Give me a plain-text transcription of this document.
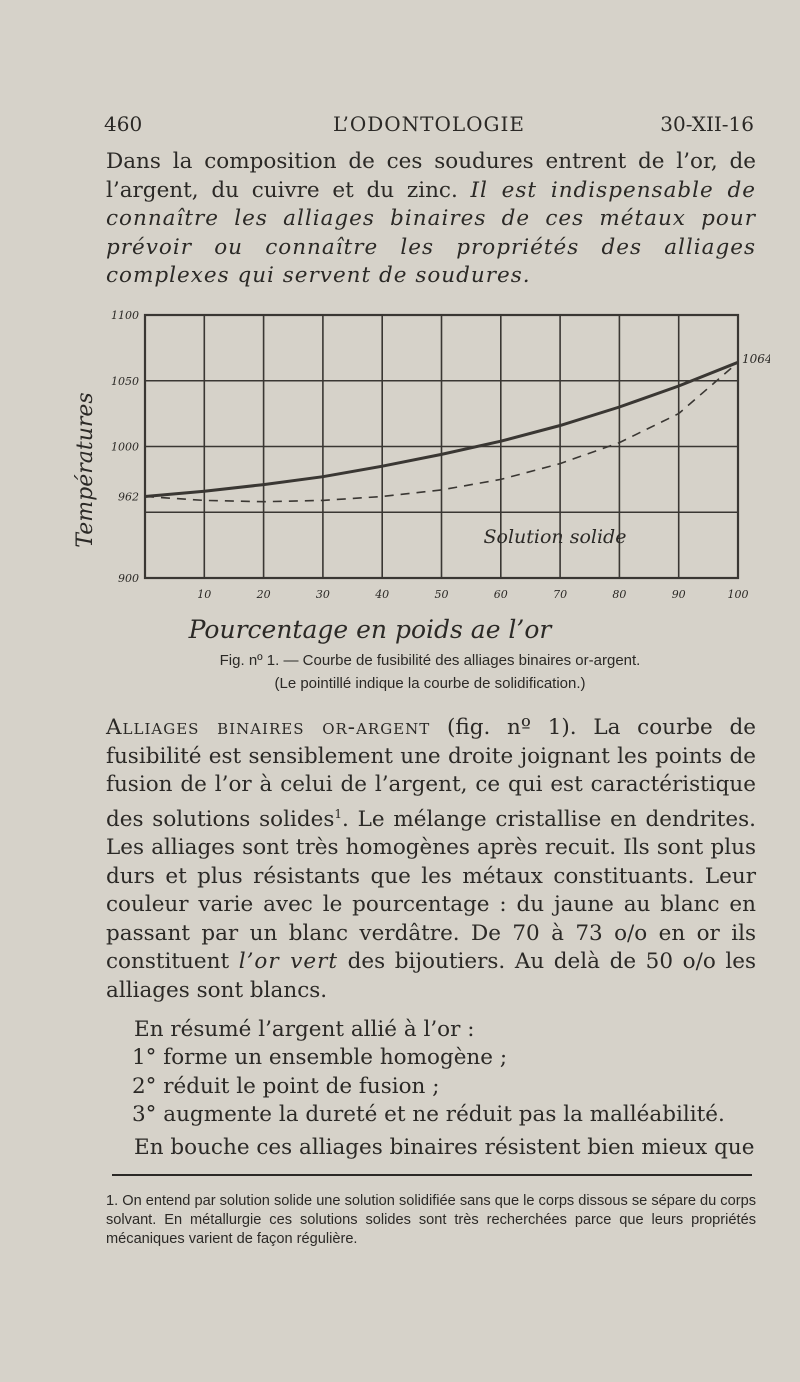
460	L’ODONTOLOGIE	30-XII-16

Dans la composition de ces soudures entrent de l’or, de l’argent, du cuivre et du zinc. Il est indispensable de connaître les alliages binaires de ces métaux pour prévoir ou connaître les propriétés des alliages complexes qui servent de soudures.

10	20	30	40	50	60	70	80	90	100
1100
1050
1000
962
900
Températures
Pourcentage en poids ae l’or
1064
Solution solide

Fig. nº 1. — Courbe de fusibilité des alliages binaires or-argent.

(Le pointillé indique la courbe de solidification.)

Alliages binaires or-argent (fig. nº 1). La courbe de fusibilité est sensiblement une droite joignant les points de fusion de l’or à celui de l’argent, ce qui est caractéristique des solutions solides$^1$. Le mélange cristallise en dendrites. Les alliages sont très homogènes après recuit. Ils sont plus durs et plus résistants que les métaux constituants. Leur couleur varie avec le pourcentage : du jaune au blanc en passant par un blanc verdâtre. De 70 à 73 o/o en or ils constituent l’or vert des bijoutiers. Au delà de 50 o/o les alliages sont blancs.

En résumé l’argent allié à l’or :

1° forme un ensemble homogène ;
2° réduit le point de fusion ;
3° augmente la dureté et ne réduit pas la malléabilité.

En bouche ces alliages binaires résistent bien mieux que

1. On entend par solution solide une solution solidifiée sans que le corps dissous se sépare du corps solvant. En métallurgie ces solutions solides sont très recherchées parce que leurs propriétés mécaniques varient de façon régulière.
